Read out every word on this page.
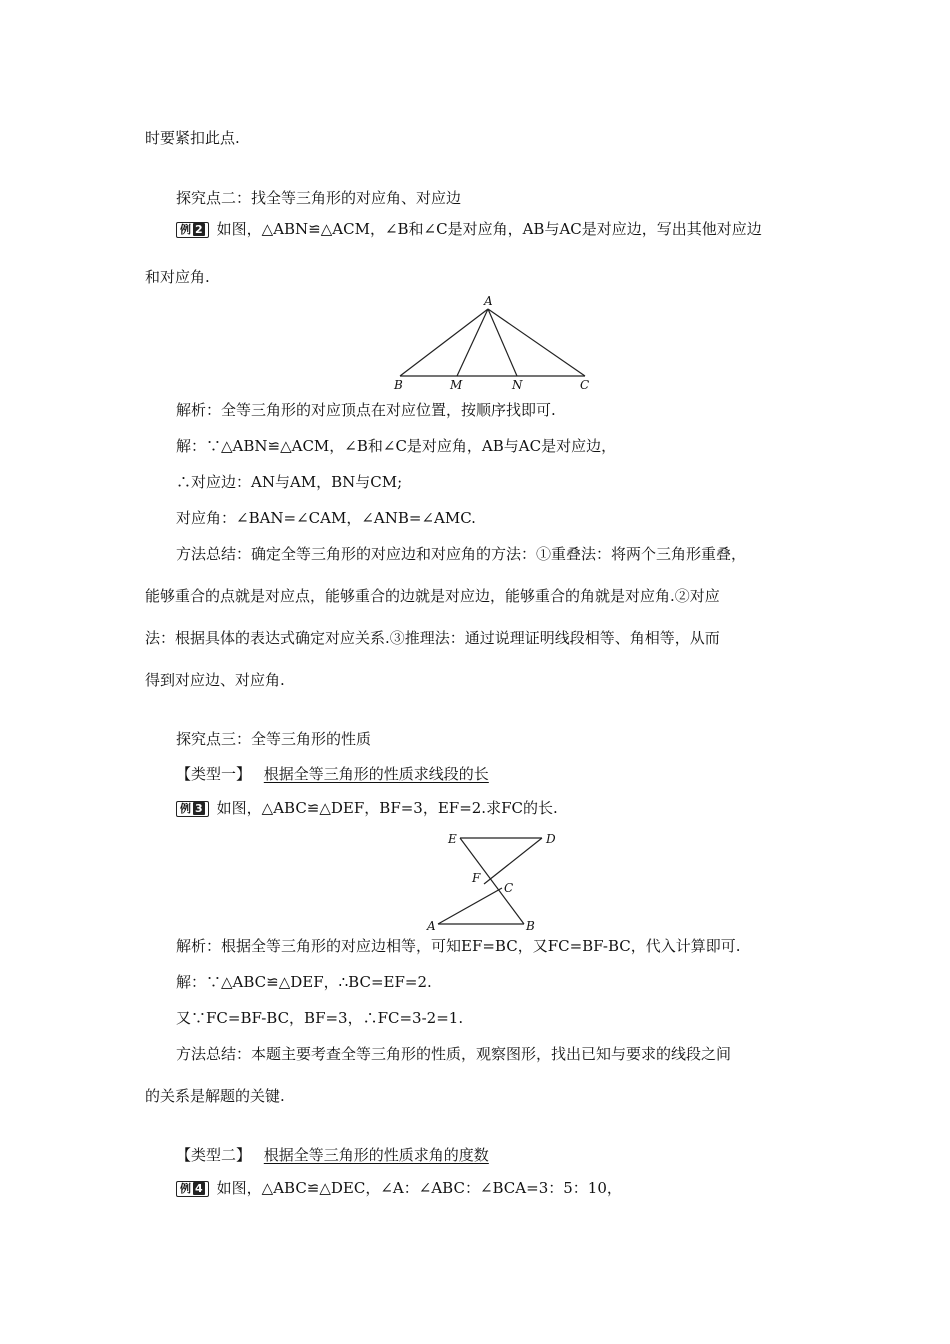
时要紧扣此点.
探究点二：找全等三角形的对应角、对应边
例 2 如图，△ABN≌△ACM，∠B和∠C是对应角，AB与AC是对应边，写出其他对应边
和对应角.
A
B	M	N	C
解析：全等三角形的对应顶点在对应位置，按顺序找即可.
解：∵△ABN≌△ACM，∠B和∠C是对应角，AB与AC是对应边，
∴对应边：AN与AM，BN与CM;
对应角：∠BAN=∠CAM，∠ANB=∠AMC.
方法总结：确定全等三角形的对应边和对应角的方法：①重叠法：将两个三角形重叠，
能够重合的点就是对应点，能够重合的边就是对应边，能够重合的角就是对应角.②对应
法：根据具体的表达式确定对应关系.③推理法：通过说理证明线段相等、角相等，从而
得到对应边、对应角.
探究点三：全等三角形的性质
【类型一】 根据全等三角形的性质求线段的长
例 3 如图，△ABC≌△DEF，BF=3，EF=2.求FC的长.
E	D
F
C
A	B
解析：根据全等三角形的对应边相等，可知EF=BC，又FC=BF-BC，代入计算即可.
解：∵△ABC≌△DEF，∴BC=EF=2.
又∵FC=BF-BC，BF=3，∴FC=3-2=1.
方法总结：本题主要考查全等三角形的性质，观察图形，找出已知与要求的线段之间
的关系是解题的关键.
【类型二】 根据全等三角形的性质求角的度数
例 4 如图，△ABC≌△DEC，∠A：∠ABC：∠BCA=3：5：10，
